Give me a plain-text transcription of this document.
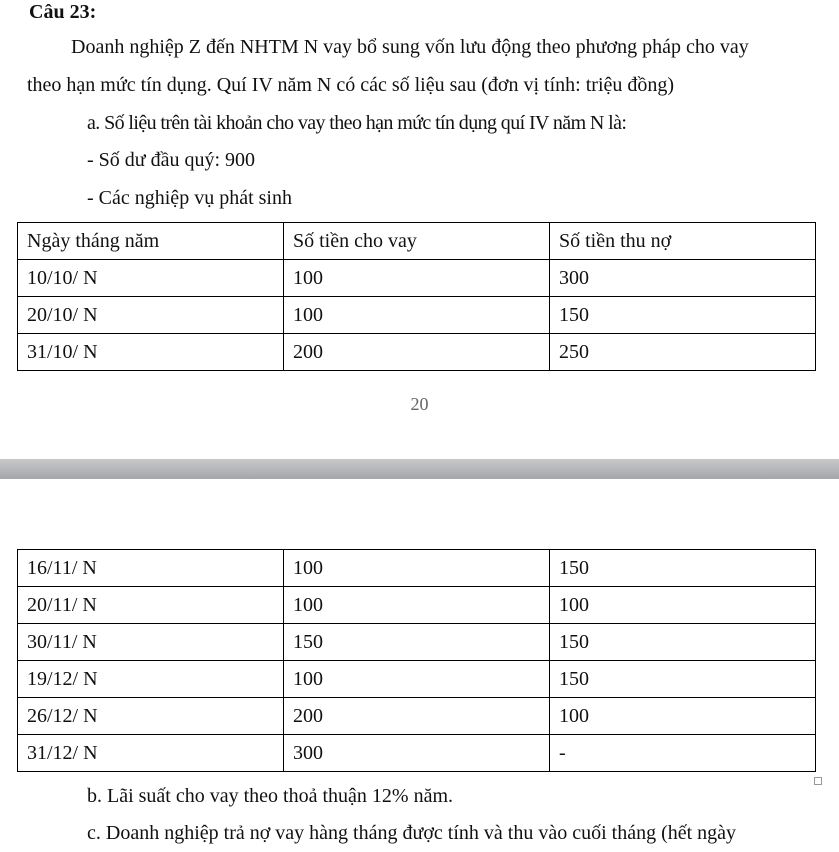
Câu 23:
Doanh nghiệp Z đến NHTM N vay bổ sung vốn lưu động theo phương pháp cho vay
theo hạn mức tín dụng. Quí IV năm N có các số liệu sau (đơn vị tính: triệu đồng)
a. Số liệu trên tài khoản cho vay theo hạn mức tín dụng quí IV năm N là:
- Số dư đầu quý: 900
- Các nghiệp vụ phát sinh
Ngày tháng năm	Số tiền cho vay	Số tiền thu nợ
10/10/ N	100	300
20/10/ N	100	150
31/10/ N	200	250
20
16/11/ N	100	150
20/11/ N	100	100
30/11/ N	150	150
19/12/ N	100	150
26/12/ N	200	100
31/12/ N	300	-
b. Lãi suất cho vay theo thoả thuận 12% năm.
c. Doanh nghiệp trả nợ vay hàng tháng được tính và thu vào cuối tháng (hết ngày
